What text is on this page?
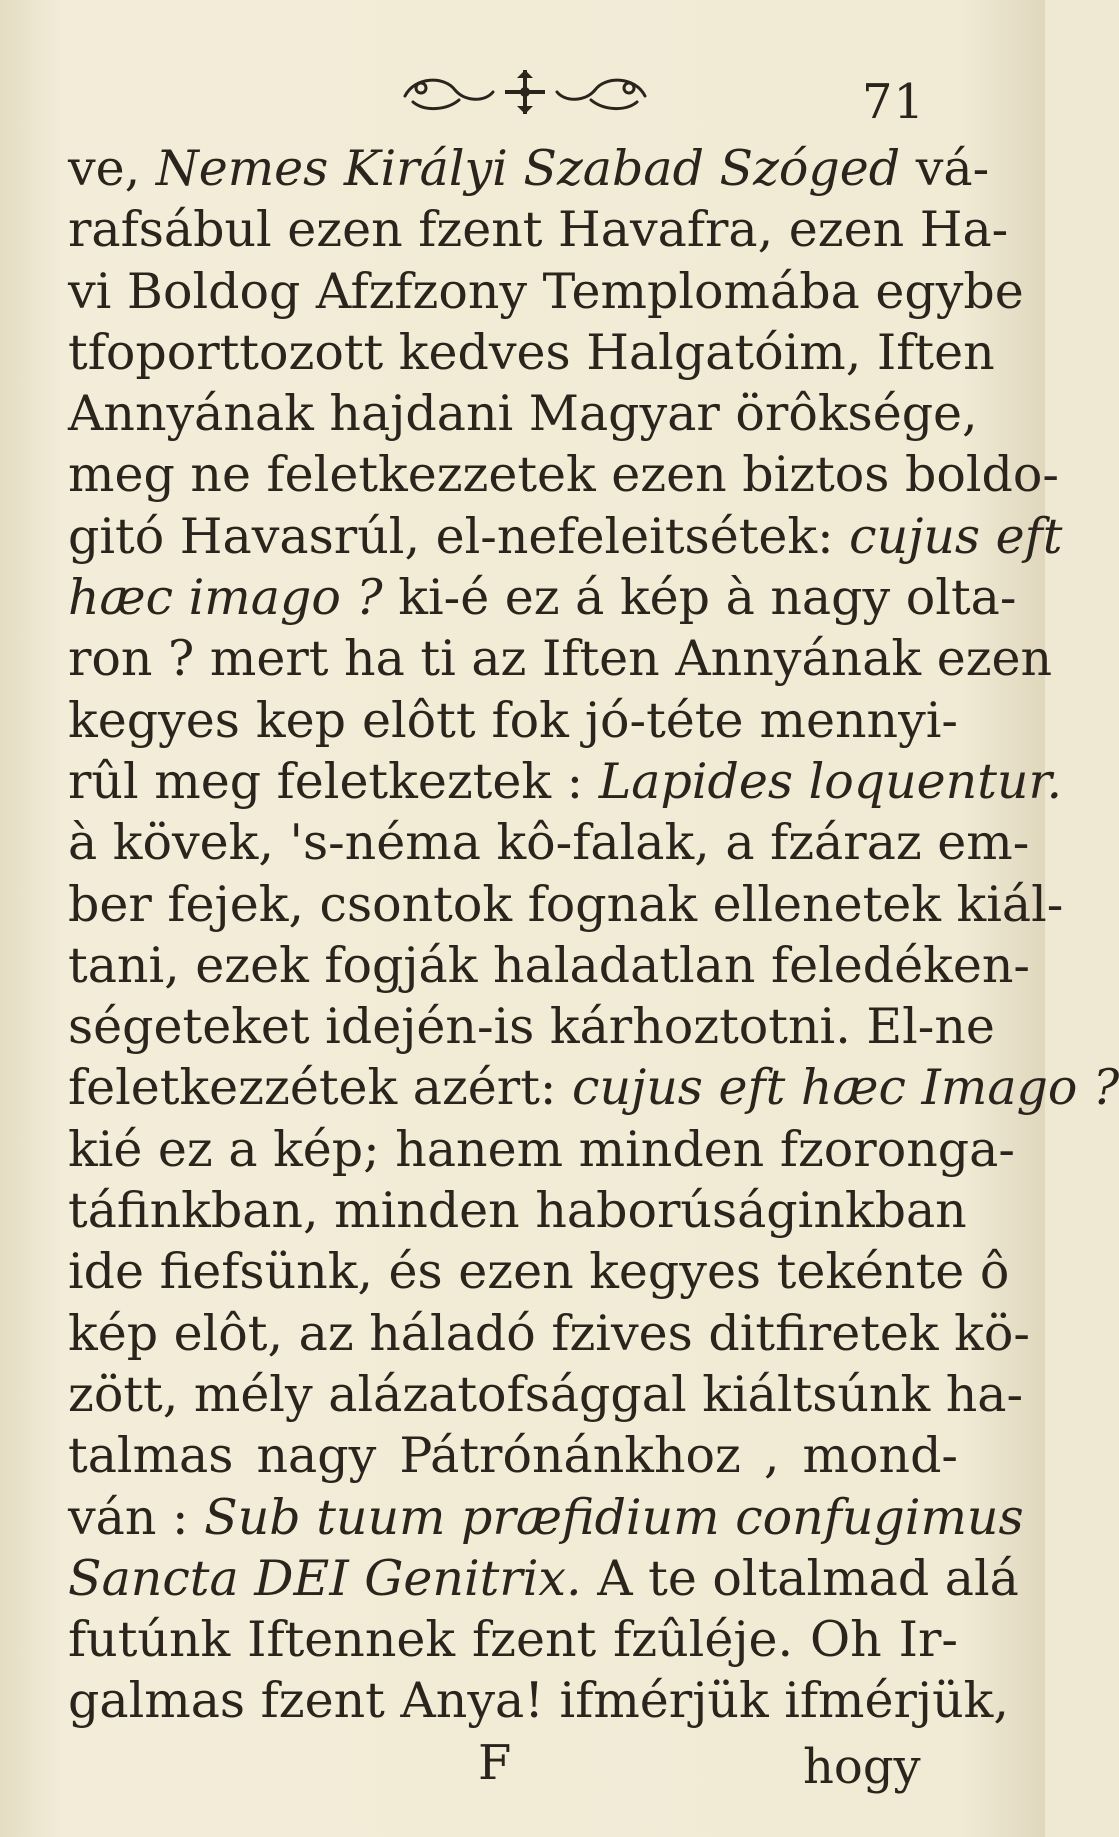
71
ve, Nemes Királyi Szabad Szóged vá-
rafsábul ezen fzent Havafra, ezen Ha-
vi Boldog Afzfzony Templomába egybe
tfoporttozott kedves Halgatóim, Iften
Annyának hajdani Magyar örôksége,
meg ne feletkezzetek ezen biztos boldo-
gitó Havasrúl, el-nefeleitsétek: cujus eft
hæc imago ? ki-é ez á kép à nagy olta-
ron ? mert ha ti az Iften Annyának ezen
kegyes kep elôtt fok jó-téte mennyi-
rûl meg feletkeztek : Lapides loquentur.
à kövek, 's-néma kô-falak, a fzáraz em-
ber fejek, csontok fognak ellenetek kiál-
tani, ezek fogják haladatlan feledéken-
ségeteket idején-is kárhoztotni. El-ne
feletkezzétek azért: cujus eft hæc Imago ?
kié ez a kép; hanem minden fzoronga-
táfinkban, minden haborúságinkban
ide fiefsünk, és ezen kegyes tekénte ô
kép elôt, az háladó fzives ditfiretek kö-
zött, mély alázatofsággal kiáltsúnk ha-
talmas nagy Pátrónánkhoz , mond-
ván : Sub tuum præfidium confugimus
Sancta DEI Genitrix. A te oltalmad alá
futúnk Iftennek fzent fzûléje. Oh Ir-
galmas fzent Anya! ifmérjük ifmérjük,
F	hogy
